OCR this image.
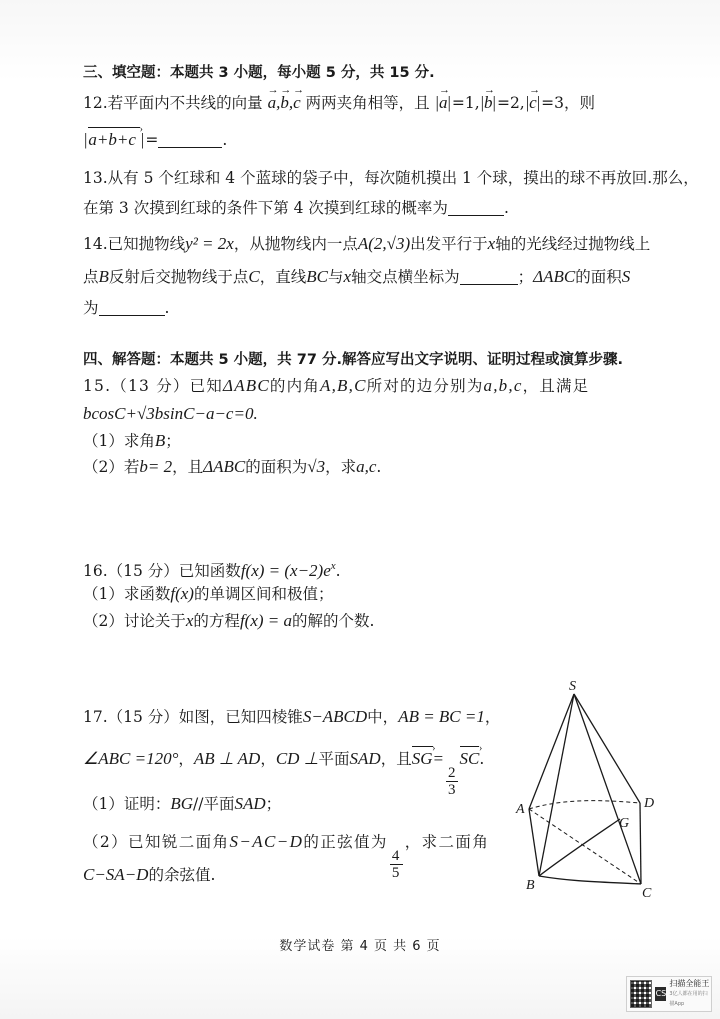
三、填空题：本题共 3 小题，每小题 5 分，共 15 分.
12.若平面内不共线的向量 → a,→ b,→ c 两两夹角相等，且 |→ a|=1,|→ b|=2,|→ c|=3，则
|a+b+c › |=	.
13.从有 5 个红球和 4 个蓝球的袋子中，每次随机摸出 1 个球，摸出的球不再放回.那么，
在第 3 次摸到红球的条件下第 4 次摸到红球的概率为	.
14.已知抛物线y² = 2x，从抛物线内一点A(2,√3)出发平行于x轴的光线经过抛物线上
点B反射后交抛物线于点C，直线BC与x轴交点横坐标为	；ΔABC的面积S
为	.
四、解答题：本题共 5 小题，共 77 分.解答应写出文字说明、证明过程或演算步骤.
15.（13 分）已知ΔABC的内角A,B,C所对的边分别为a,b,c，且满足
bcosC+√3bsinC−a−c=0.
（1）求角B；
（2）若b= 2，且ΔABC的面积为√3，求a,c.
16.（15 分）已知函数$f(x) = (x-2)e^x$.
（1）求函数f(x)的单调区间和极值；
（2）讨论关于x的方程f(x) = a的解的个数.
17.（15 分）如图，已知四棱锥S−ABCD中，AB = BC =1，
∠ABC =120°，AB ⊥ AD，CD ⊥平面SAD，且SG ›=
$\frac{2}{3}$
SC ›.
（1）证明：BG//平面SAD；
（2）已知锐二面角S−AC−D的正弦值为
$\frac{4}{5}$
，求二面角
C−SA−D的余弦值.
S
A	D
G
B
C
数学试卷 第 4 页 共 6 页
CS
扫描全能王
3亿人都在用的扫描App
